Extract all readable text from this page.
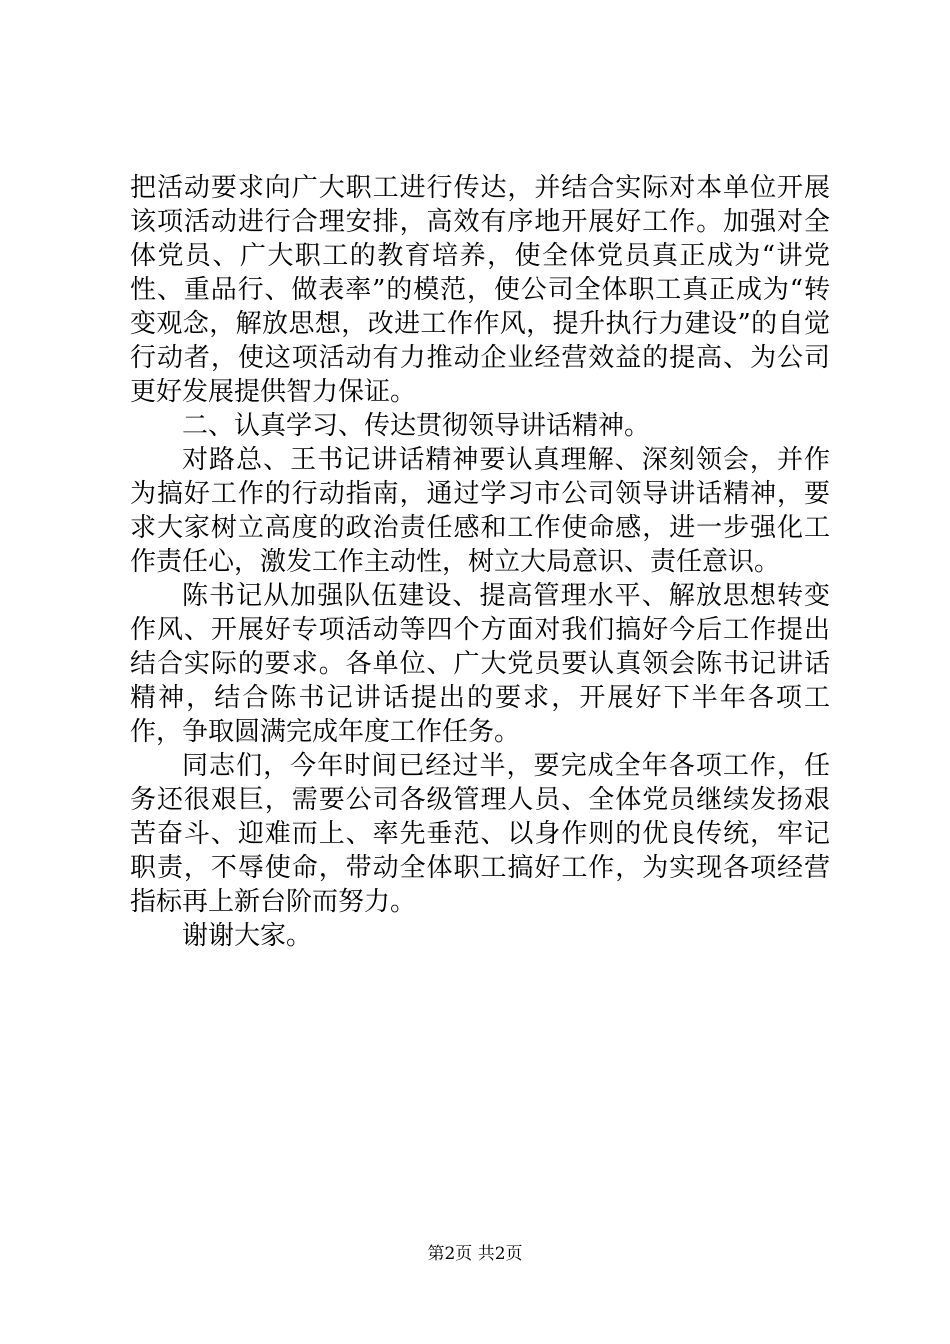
把活动要求向广大职工进行传达，并结合实际对本单位开展该项活动进行合理安排，高效有序地开展好工作。加强对全体党员、广大职工的教育培养，使全体党员真正成为“讲党性、重品行、做表率”的模范，使公司全体职工真正成为“转变观念，解放思想，改进工作作风，提升执行力建设”的自觉行动者，使这项活动有力推动企业经营效益的提高、为公司更好发展提供智力保证。

二、认真学习、传达贯彻领导讲话精神。

对路总、王书记讲话精神要认真理解、深刻领会，并作为搞好工作的行动指南，通过学习市公司领导讲话精神，要求大家树立高度的政治责任感和工作使命感，进一步强化工作责任心，激发工作主动性，树立大局意识、责任意识。

陈书记从加强队伍建设、提高管理水平、解放思想转变作风、开展好专项活动等四个方面对我们搞好今后工作提出结合实际的要求。各单位、广大党员要认真领会陈书记讲话精神，结合陈书记讲话提出的要求，开展好下半年各项工作，争取圆满完成年度工作任务。

同志们，今年时间已经过半，要完成全年各项工作，任务还很艰巨，需要公司各级管理人员、全体党员继续发扬艰苦奋斗、迎难而上、率先垂范、以身作则的优良传统，牢记职责，不辱使命，带动全体职工搞好工作，为实现各项经营指标再上新台阶而努力。

谢谢大家。

第2页 共2页
